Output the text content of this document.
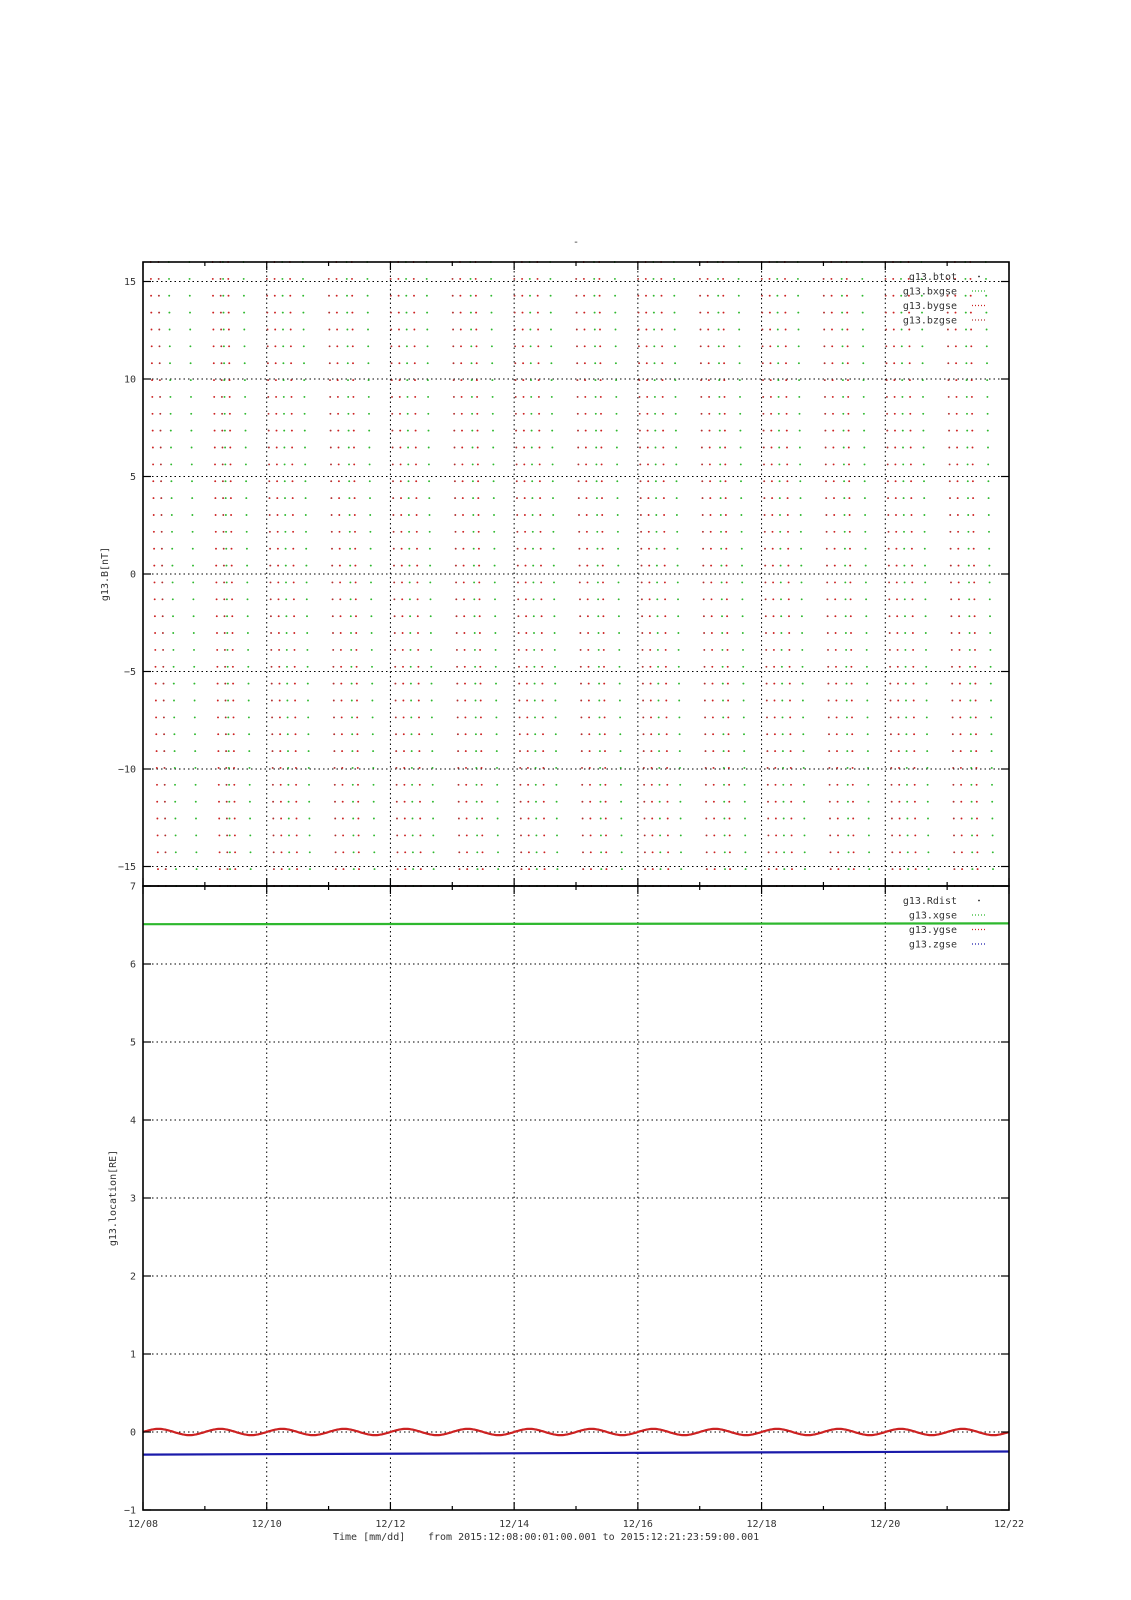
-
−15
−10
−5
0
5
10
15
g13.B[nT]
g13.btot
g13.bxgse
g13.bygse
g13.bzgse
−1
0
1
2
3
4
5
6
7
12/08	12/10	12/12	12/14	12/16	12/18	12/20	12/22
g13.location[RE]
g13.Rdist
g13.xgse
g13.ygse
g13.zgse
Time [mm/dd] from 2015:12:08:00:01:00.001 to 2015:12:21:23:59:00.001
